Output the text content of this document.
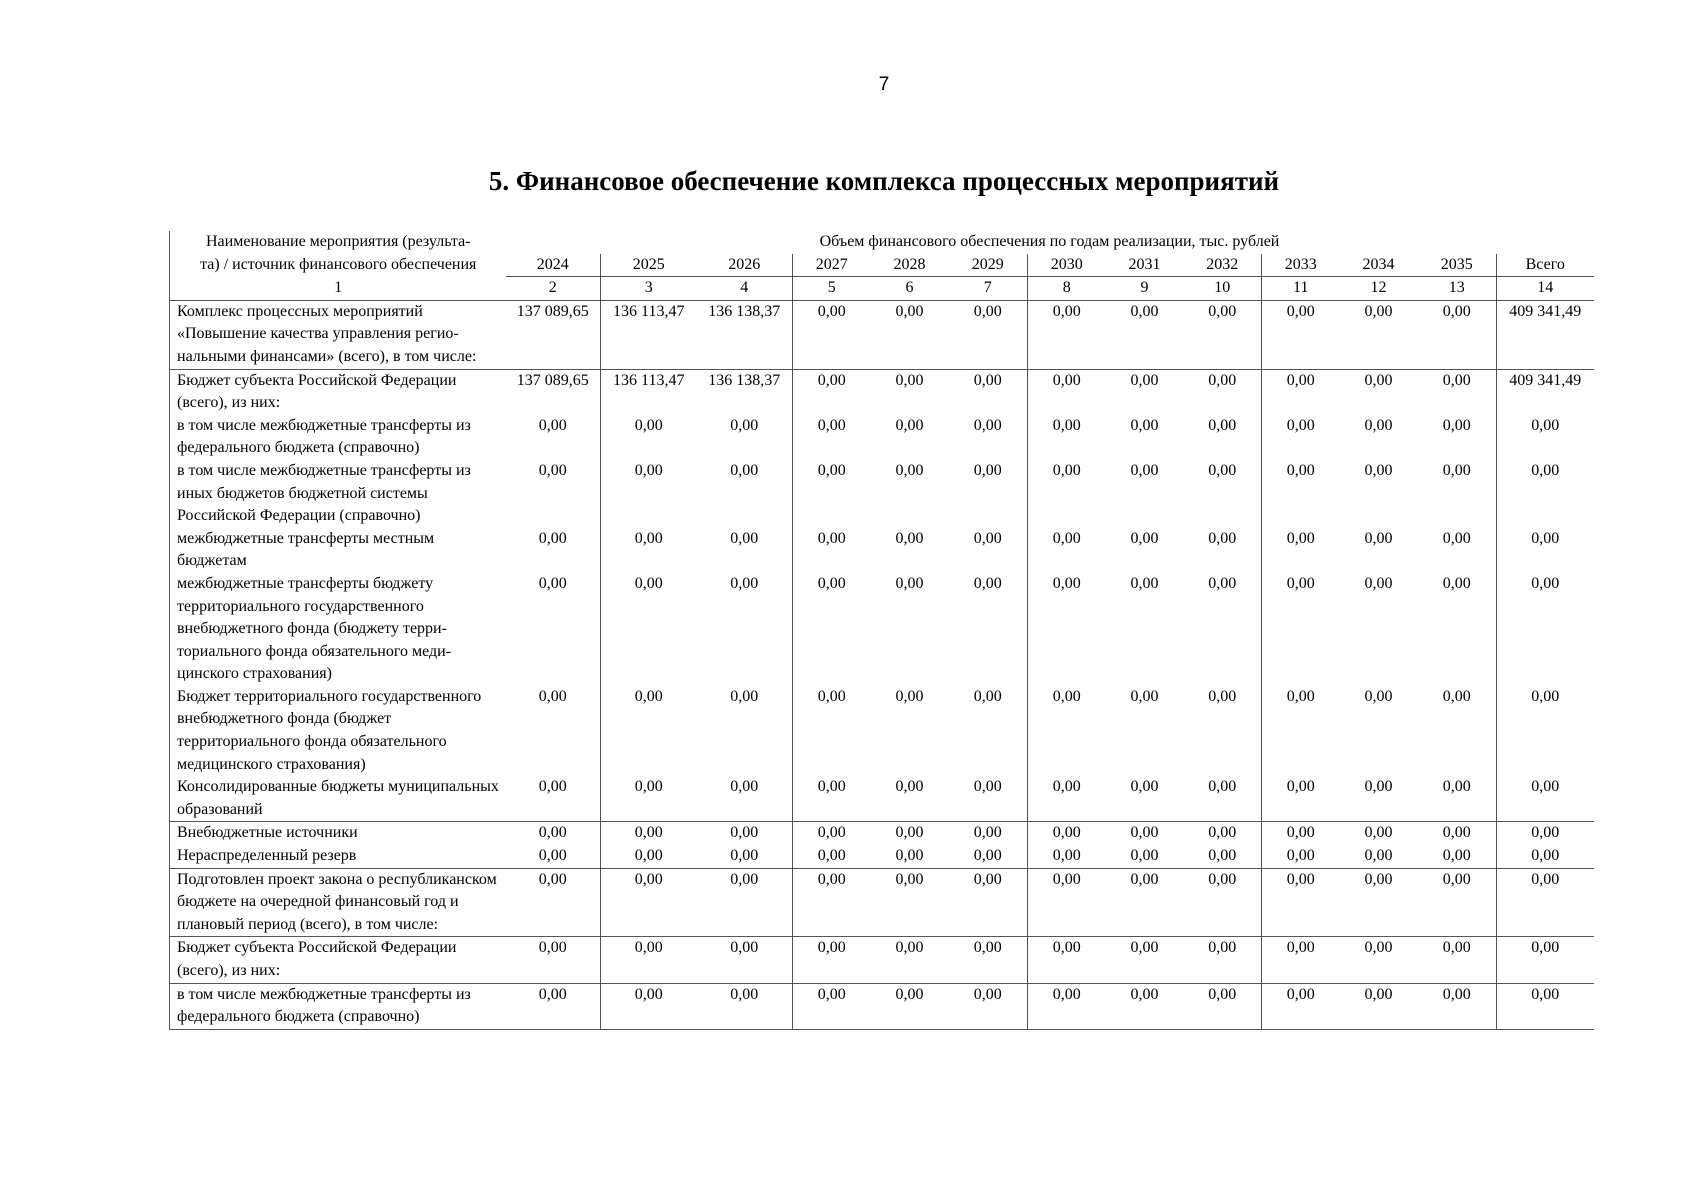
7
5. Финансовое обеспечение комплекса процессных мероприятий
Наименование мероприятия (результа-	Объем финансового обеспечения по годам реализации, тыс. рублей												
та) / источник финансового обеспечения	2024	2025	2026	2027	2028	2029	2030	2031	2032	2033	2034	2035	Всего
1	2	3	4	5	6	7	8	9	10	11	12	13	14
Комплекс процессных мероприятий «Повышение качества управления региональными финансами» (всего), в том числе:	137 089,65	136 113,47	136 138,37	0,00	0,00	0,00	0,00	0,00	0,00	0,00	0,00	0,00	409 341,49
Бюджет субъекта Российской Федерации (всего), из них:	137 089,65	136 113,47	136 138,37	0,00	0,00	0,00	0,00	0,00	0,00	0,00	0,00	0,00	409 341,49
в том числе межбюджетные трансферты из федерального бюджета (справочно)	0,00	0,00	0,00	0,00	0,00	0,00	0,00	0,00	0,00	0,00	0,00	0,00	0,00
в том числе межбюджетные трансферты из иных бюджетов бюджетной системы Российской Федерации (справочно)	0,00	0,00	0,00	0,00	0,00	0,00	0,00	0,00	0,00	0,00	0,00	0,00	0,00
межбюджетные трансферты местным бюджетам	0,00	0,00	0,00	0,00	0,00	0,00	0,00	0,00	0,00	0,00	0,00	0,00	0,00
межбюджетные трансферты бюджету территориального государственного внебюджетного фонда (бюджету территориального фонда обязательного медицинского страхования)	0,00	0,00	0,00	0,00	0,00	0,00	0,00	0,00	0,00	0,00	0,00	0,00	0,00
Бюджет территориального государственного внебюджетного фонда (бюджет территориального фонда обязательного медицинского страхования)	0,00	0,00	0,00	0,00	0,00	0,00	0,00	0,00	0,00	0,00	0,00	0,00	0,00
Консолидированные бюджеты муниципальных образований	0,00	0,00	0,00	0,00	0,00	0,00	0,00	0,00	0,00	0,00	0,00	0,00	0,00
Внебюджетные источники	0,00	0,00	0,00	0,00	0,00	0,00	0,00	0,00	0,00	0,00	0,00	0,00	0,00
Нераспределенный резерв	0,00	0,00	0,00	0,00	0,00	0,00	0,00	0,00	0,00	0,00	0,00	0,00	0,00
Подготовлен проект закона о республиканском бюджете на очередной финансовый год и плановый период (всего), в том числе:	0,00	0,00	0,00	0,00	0,00	0,00	0,00	0,00	0,00	0,00	0,00	0,00	0,00
Бюджет субъекта Российской Федерации (всего), из них:	0,00	0,00	0,00	0,00	0,00	0,00	0,00	0,00	0,00	0,00	0,00	0,00	0,00
в том числе межбюджетные трансферты из федерального бюджета (справочно)	0,00	0,00	0,00	0,00	0,00	0,00	0,00	0,00	0,00	0,00	0,00	0,00	0,00
